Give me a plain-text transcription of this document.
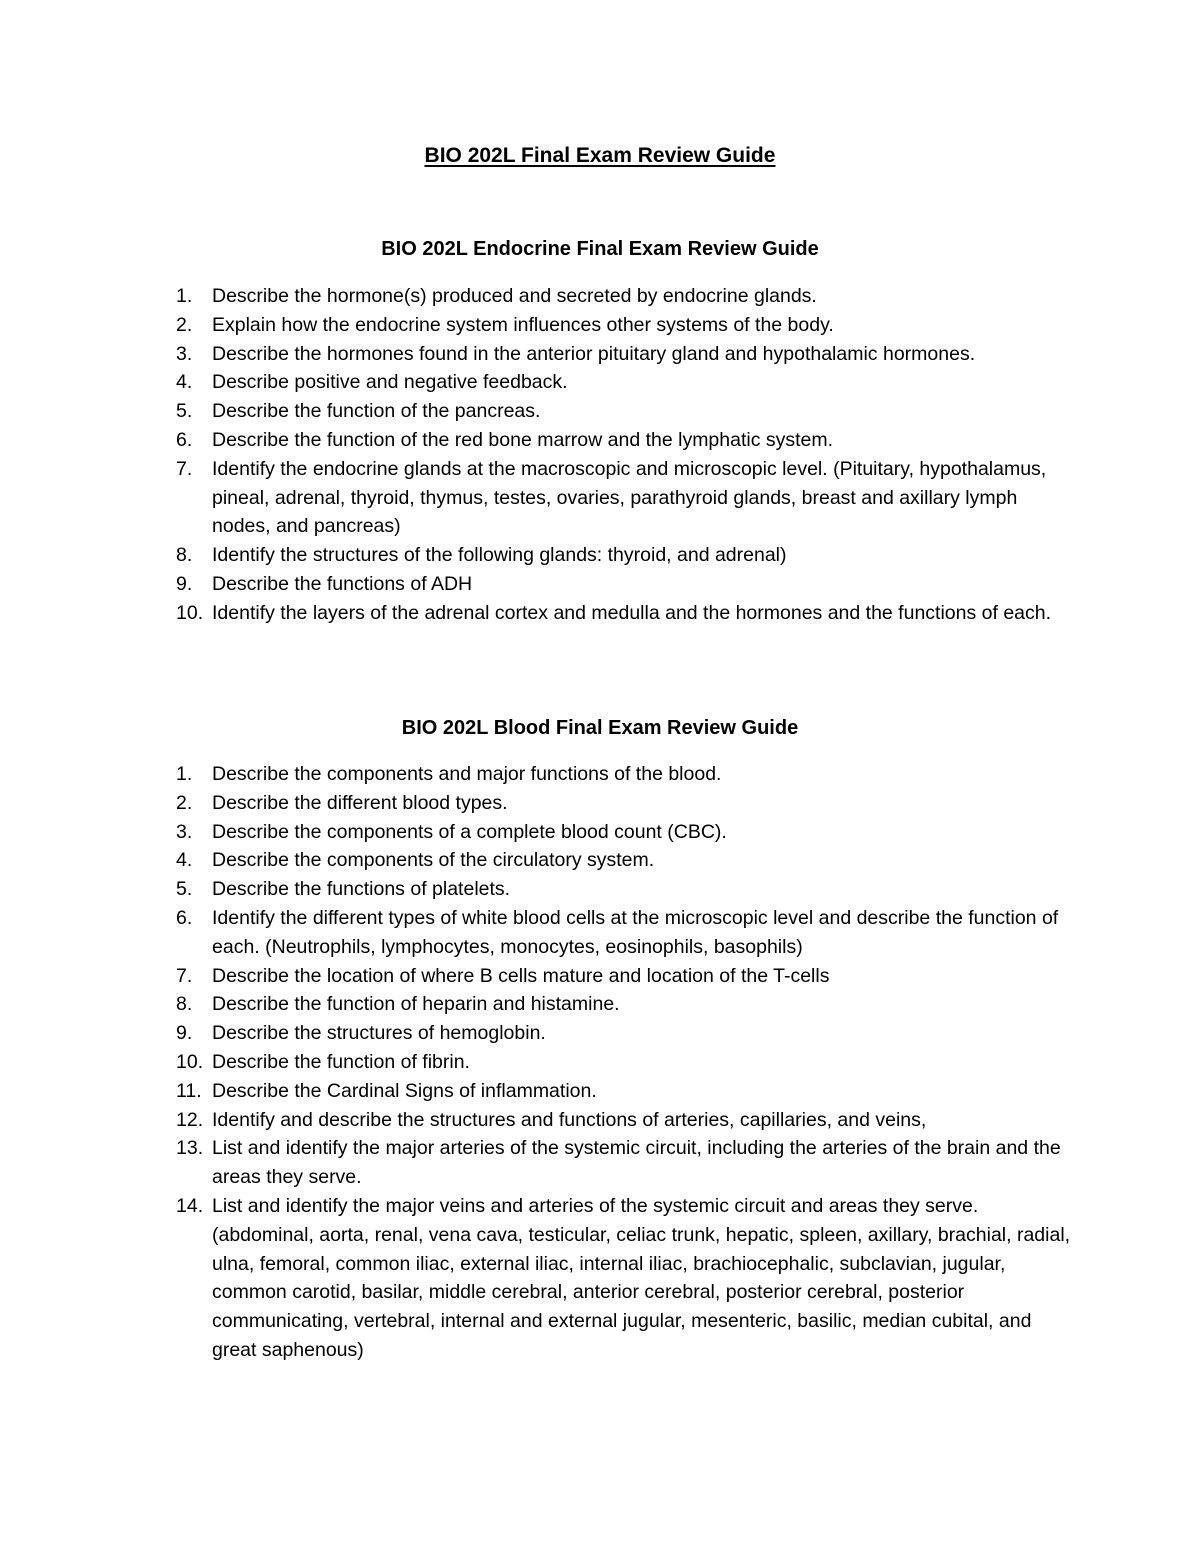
BIO 202L Final Exam Review Guide
BIO 202L Endocrine Final Exam Review Guide
1.	Describe the hormone(s) produced and secreted by endocrine glands.
2.	Explain how the endocrine system influences other systems of the body.
3.	Describe the hormones found in the anterior pituitary gland and hypothalamic hormones.
4.	Describe positive and negative feedback.
5.	Describe the function of the pancreas.
6.	Describe the function of the red bone marrow and the lymphatic system.
7.	Identify the endocrine glands at the macroscopic and microscopic level. (Pituitary, hypothalamus, pineal, adrenal, thyroid, thymus, testes, ovaries, parathyroid glands, breast and axillary lymph nodes, and pancreas)
8.	Identify the structures of the following glands: thyroid, and adrenal)
9.	Describe the functions of ADH
10. Identify the layers of the adrenal cortex and medulla and the hormones and the functions of each.
BIO 202L Blood Final Exam Review Guide
1.	Describe the components and major functions of the blood.
2.	Describe the different blood types.
3.	Describe the components of a complete blood count (CBC).
4.	Describe the components of the circulatory system.
5.	Describe the functions of platelets.
6.	Identify the different types of white blood cells at the microscopic level and describe the function of each. (Neutrophils, lymphocytes, monocytes, eosinophils, basophils)
7.	Describe the location of where B cells mature and location of the T-cells
8.	Describe the function of heparin and histamine.
9.	Describe the structures of hemoglobin.
10. Describe the function of fibrin.
11. Describe the Cardinal Signs of inflammation.
12. Identify and describe the structures and functions of arteries, capillaries, and veins,
13. List and identify the major arteries of the systemic circuit, including the arteries of the brain and the areas they serve.
14. List and identify the major veins and arteries of the systemic circuit and areas they serve. (abdominal, aorta, renal, vena cava, testicular, celiac trunk, hepatic, spleen, axillary, brachial, radial, ulna, femoral, common iliac, external iliac, internal iliac, brachiocephalic, subclavian, jugular, common carotid, basilar, middle cerebral, anterior cerebral, posterior cerebral, posterior communicating, vertebral, internal and external jugular, mesenteric, basilic, median cubital, and great saphenous)
